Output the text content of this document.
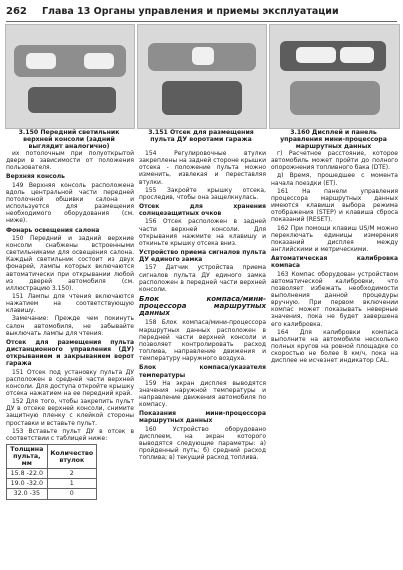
262 Глава 13 Органы управления и приемы эксплуатации
3.150 Передний светильник верхней консоли (задний выглядит аналогично)
3.151 Отсек для размещения пульта ДУ воротами гаража
3.160 Дисплей и панель управления мини-процессора маршрутных данных

их потолочным при полуоткрытой двери в зависимости от положения пользователя.

Верхняя консоль

149 Верхняя консоль расположена вдоль центральной части передней потолочной обшивки салона и используется для размещения необходимого оборудования (см. ниже).

Фонарь освещения салона

150 Передний и задний верхние консоли снабжены встроенными светильниками для освещения салона. Каждый светильник состоит из двух фонарей, лампы которых включаются автоматически при открывании любой из дверей автомобиля (см. иллюстрацию 3.150).

151 Лампы для чтения включаются нажатием на соответствующую клавишу.

Замечание: Прежде чем покинуть салон автомобиля, не забывайте выключать лампы для чтения.

Отсек для размещения пульта дистанционного управления (ДУ) открыванием и закрыванием ворот гаража

151 Отсек под установку пульта ДУ расположен в средней части верхней консоли. Для доступа откройте крышку отсека нажатием на ее передний край.

152 Для того, чтобы закрепить пульт ДУ в отсеке верхней консоли, снимите защитную пленку с клейкой стороны проставки и вставьте пульт.

153 Вставьте пульт ДУ в отсек в соответствии с таблицей ниже:

Толщина пульта, мм	Количество втулок
15.8 -22.0	2
19.0 -32.0	1
32.0 -35	0

154 Регулировочные втулки закреплены на задней стороне крышки отсека - положение пульта можно изменить, извлекая и переставляя втулки.

155 Закройте крышку отсека, проследив, чтобы она защелкнулась.

Отсек для хранения солнцезащитных очков

156 Отсек расположен в задней части верхней консоли. Для открывания нажмите на клавишу и откиньте крышку отсека вниз.

Устройство приема сигналов пульта ДУ единого замка

157 Датчик устройства приема сигналов пульта ДУ единого замка расположен в передней части верхней консоли.

Блок компаса/мини-процессора маршрутных данных

158 Блок компаса/мини-процессора маршрутных данных расположен в передней части верхней консоли и позволяет контролировать расход топлива, направление движения и температуру наружного воздуха.

Блок компаса/указателя температуры

159 На экран дисплея выводятся значения наружной температуры и направление движения автомобиля по компасу.

Показания мини-процессора маршрутных данных

160 Устройство оборудовано дисплеем, на экран которого выводятся следующие параметры: а) пройденный путь; б) средний расход топлива; в) текущий расход топлива.

г) Расчетное расстояние, которое автомобиль может пройти до полного опорожнения топливного бака (DTE).

д) Время, прошедшее с момента начала поездки (ET).

161 На панели управления процессора маршрутных данных имеются клавиши выбора режима отображения (STEP) и клавиша сброса показаний (RESET).

162 При помощи клавиш US/M можно переключать единицы измерения показаний дисплея между английскими и метрическими.

Автоматическая калибровка компаса

163 Компас оборудован устройством автоматической калибровки, что позволяет избежать необходимости выполнения данной процедуры вручную. При первом включении компас может показывать неверные значения, пока не будет завершена его калибровка.

164 Для калибровки компаса выполните на автомобиле несколько полных кругов на ровной площадке со скоростью не более 8 км/ч, пока на дисплее не исчезнет индикатор CAL.
